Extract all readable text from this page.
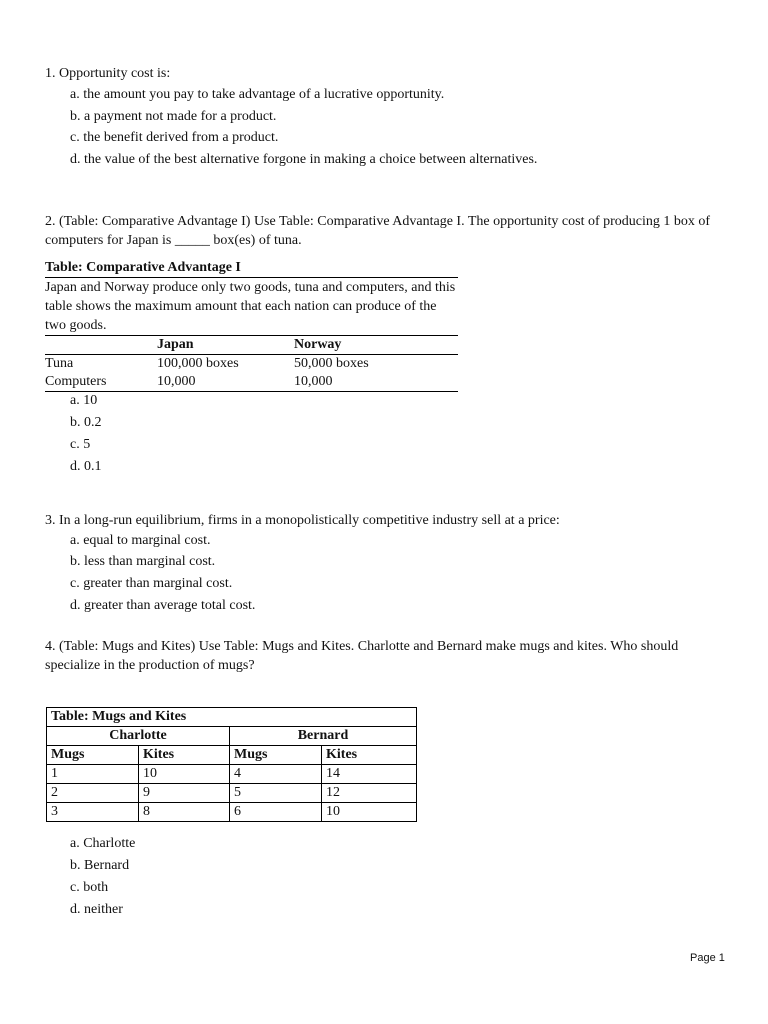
1. Opportunity cost is:
a. the amount you pay to take advantage of a lucrative opportunity.
b. a payment not made for a product.
c. the benefit derived from a product.
d. the value of the best alternative forgone in making a choice between alternatives.
2. (Table: Comparative Advantage I) Use Table: Comparative Advantage I. The opportunity cost of producing 1 box of computers for Japan is _____ box(es) of tuna.
Table: Comparative Advantage I		
Japan and Norway produce only two goods, tuna and computers, and this table shows the maximum amount that each nation can produce of the two goods.		
	Japan	Norway
Tuna	100,000 boxes	50,000 boxes
Computers	10,000	10,000
a. 10
b. 0.2
c. 5
d. 0.1
3. In a long-run equilibrium, firms in a monopolistically competitive industry sell at a price:
a. equal to marginal cost.
b. less than marginal cost.
c. greater than marginal cost.
d. greater than average total cost.
4. (Table: Mugs and Kites) Use Table: Mugs and Kites. Charlotte and Bernard make mugs and kites. Who should specialize in the production of mugs?
Table: Mugs and Kites			
Charlotte		Bernard	
Mugs	Kites	Mugs	Kites
1	10	4	14
2	9	5	12
3	8	6	10
a. Charlotte
b. Bernard
c. both
d. neither
Page 1
